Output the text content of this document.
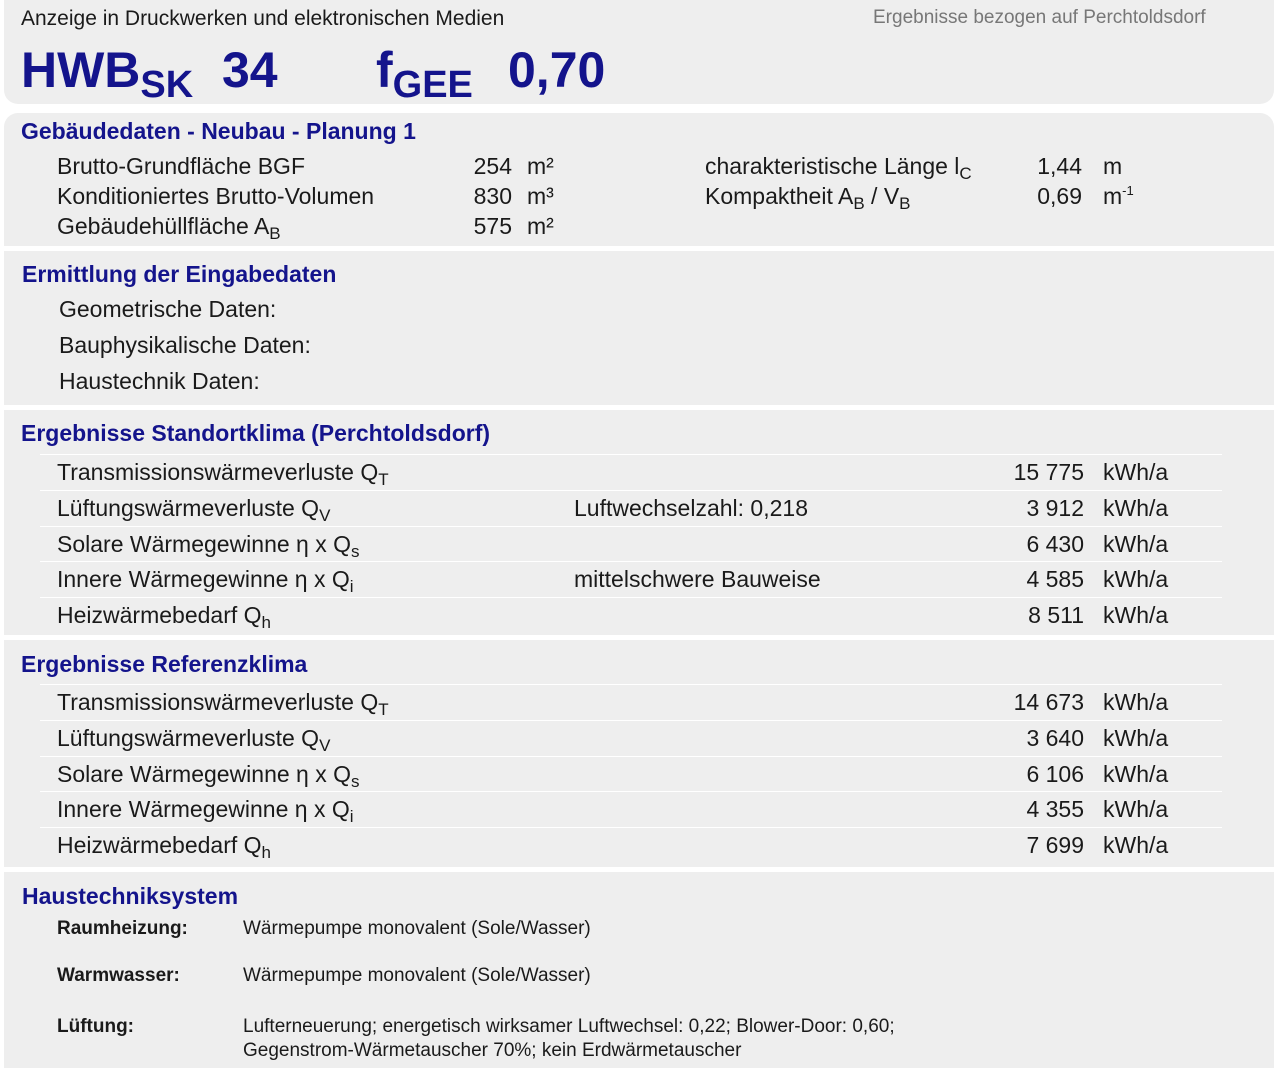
Anzeige in Druckwerken und elektronischen Medien	Ergebnisse bezogen auf Perchtoldsdorf
$HWB_{SK}$ 34 $f_{GEE}$ 0,70
Gebäudedaten - Neubau - Planung 1
Brutto-Grundfläche BGF	254 m²
Konditioniertes Brutto-Volumen	830 m³
Gebäudehüllfläche $A_B$	575 m²
charakteristische Länge $l_C$	1,44 m
Kompaktheit $A_B / V_B$	0,69 $m^{-1}$
Ermittlung der Eingabedaten
Geometrische Daten:
Bauphysikalische Daten:
Haustechnik Daten:
Ergebnisse Standortklima (Perchtoldsdorf)
Transmissionswärmeverluste $Q_T$	15 775 kWh/a
Lüftungswärmeverluste $Q_V$	Luftwechselzahl: 0,218	3 912 kWh/a
Solare Wärmegewinne η x $Q_s$	6 430 kWh/a
Innere Wärmegewinne η x $Q_i$	mittelschwere Bauweise	4 585 kWh/a
Heizwärmebedarf $Q_h$	8 511 kWh/a
Ergebnisse Referenzklima
Transmissionswärmeverluste $Q_T$	14 673 kWh/a
Lüftungswärmeverluste $Q_V$	3 640 kWh/a
Solare Wärmegewinne η x $Q_s$	6 106 kWh/a
Innere Wärmegewinne η x $Q_i$	4 355 kWh/a
Heizwärmebedarf $Q_h$	7 699 kWh/a
Haustechniksystem
Raumheizung:	Wärmepumpe monovalent (Sole/Wasser)
Warmwasser:	Wärmepumpe monovalent (Sole/Wasser)
Lüftung:	Lufterneuerung; energetisch wirksamer Luftwechsel: 0,22; Blower-Door: 0,60;
Gegenstrom-Wärmetauscher 70%; kein Erdwärmetauscher
